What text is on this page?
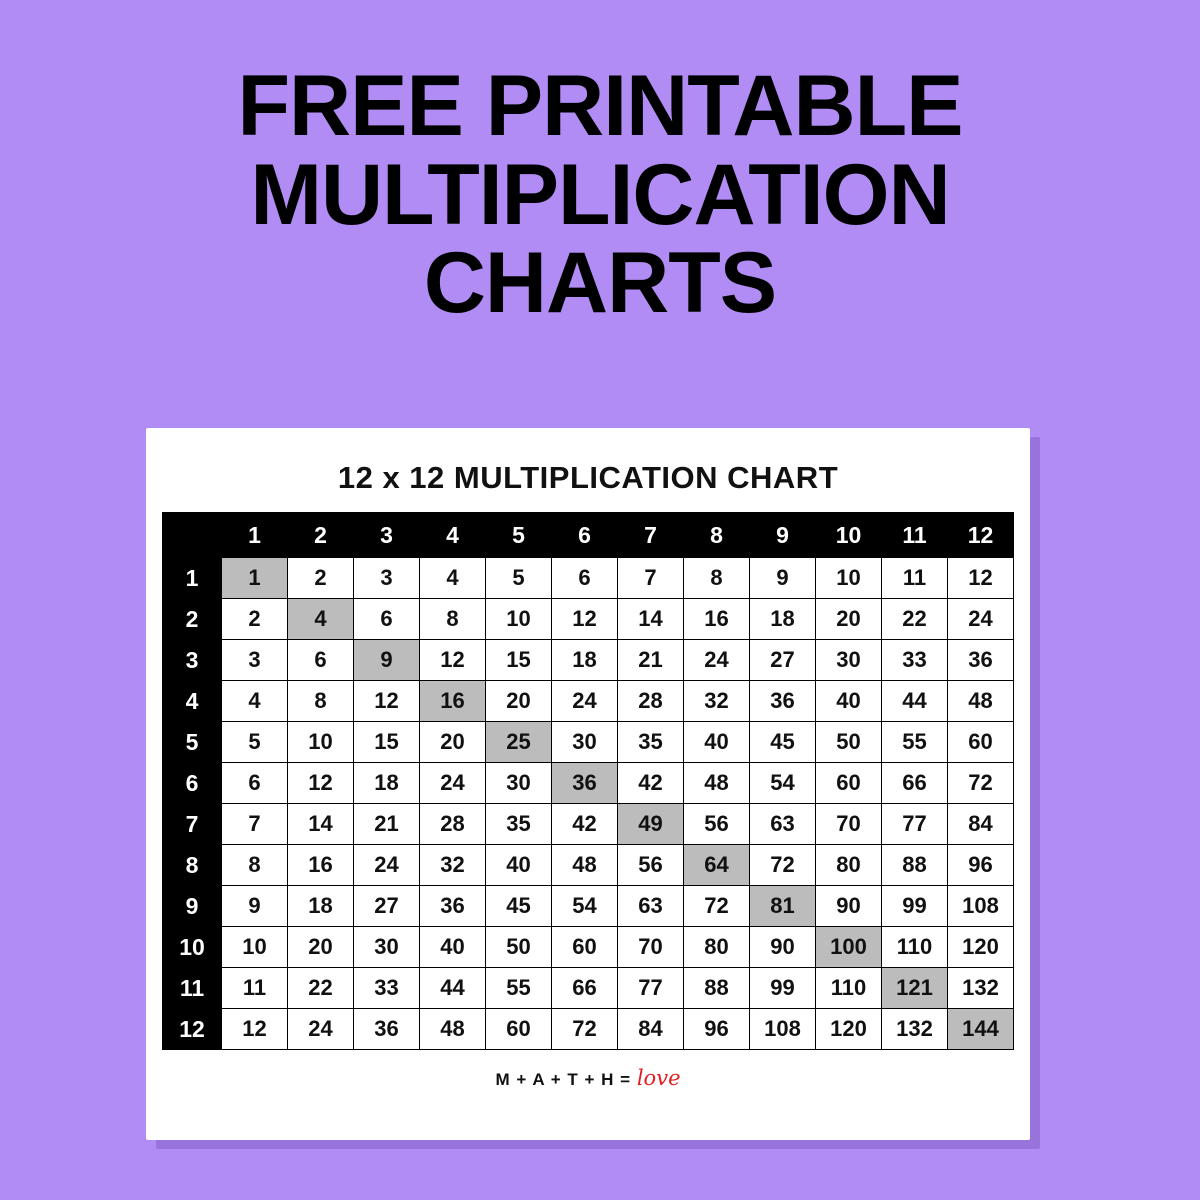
FREE PRINTABLE
MULTIPLICATION
CHARTS
12 x 12 MULTIPLICATION CHART
	1	2	3	4	5	6	7	8	9	10	11	12
1	1	2	3	4	5	6	7	8	9	10	11	12
2	2	4	6	8	10	12	14	16	18	20	22	24
3	3	6	9	12	15	18	21	24	27	30	33	36
4	4	8	12	16	20	24	28	32	36	40	44	48
5	5	10	15	20	25	30	35	40	45	50	55	60
6	6	12	18	24	30	36	42	48	54	60	66	72
7	7	14	21	28	35	42	49	56	63	70	77	84
8	8	16	24	32	40	48	56	64	72	80	88	96
9	9	18	27	36	45	54	63	72	81	90	99	108
10	10	20	30	40	50	60	70	80	90	100	110	120
11	11	22	33	44	55	66	77	88	99	110	121	132
12	12	24	36	48	60	72	84	96	108	120	132	144
M + A + T + H = love
